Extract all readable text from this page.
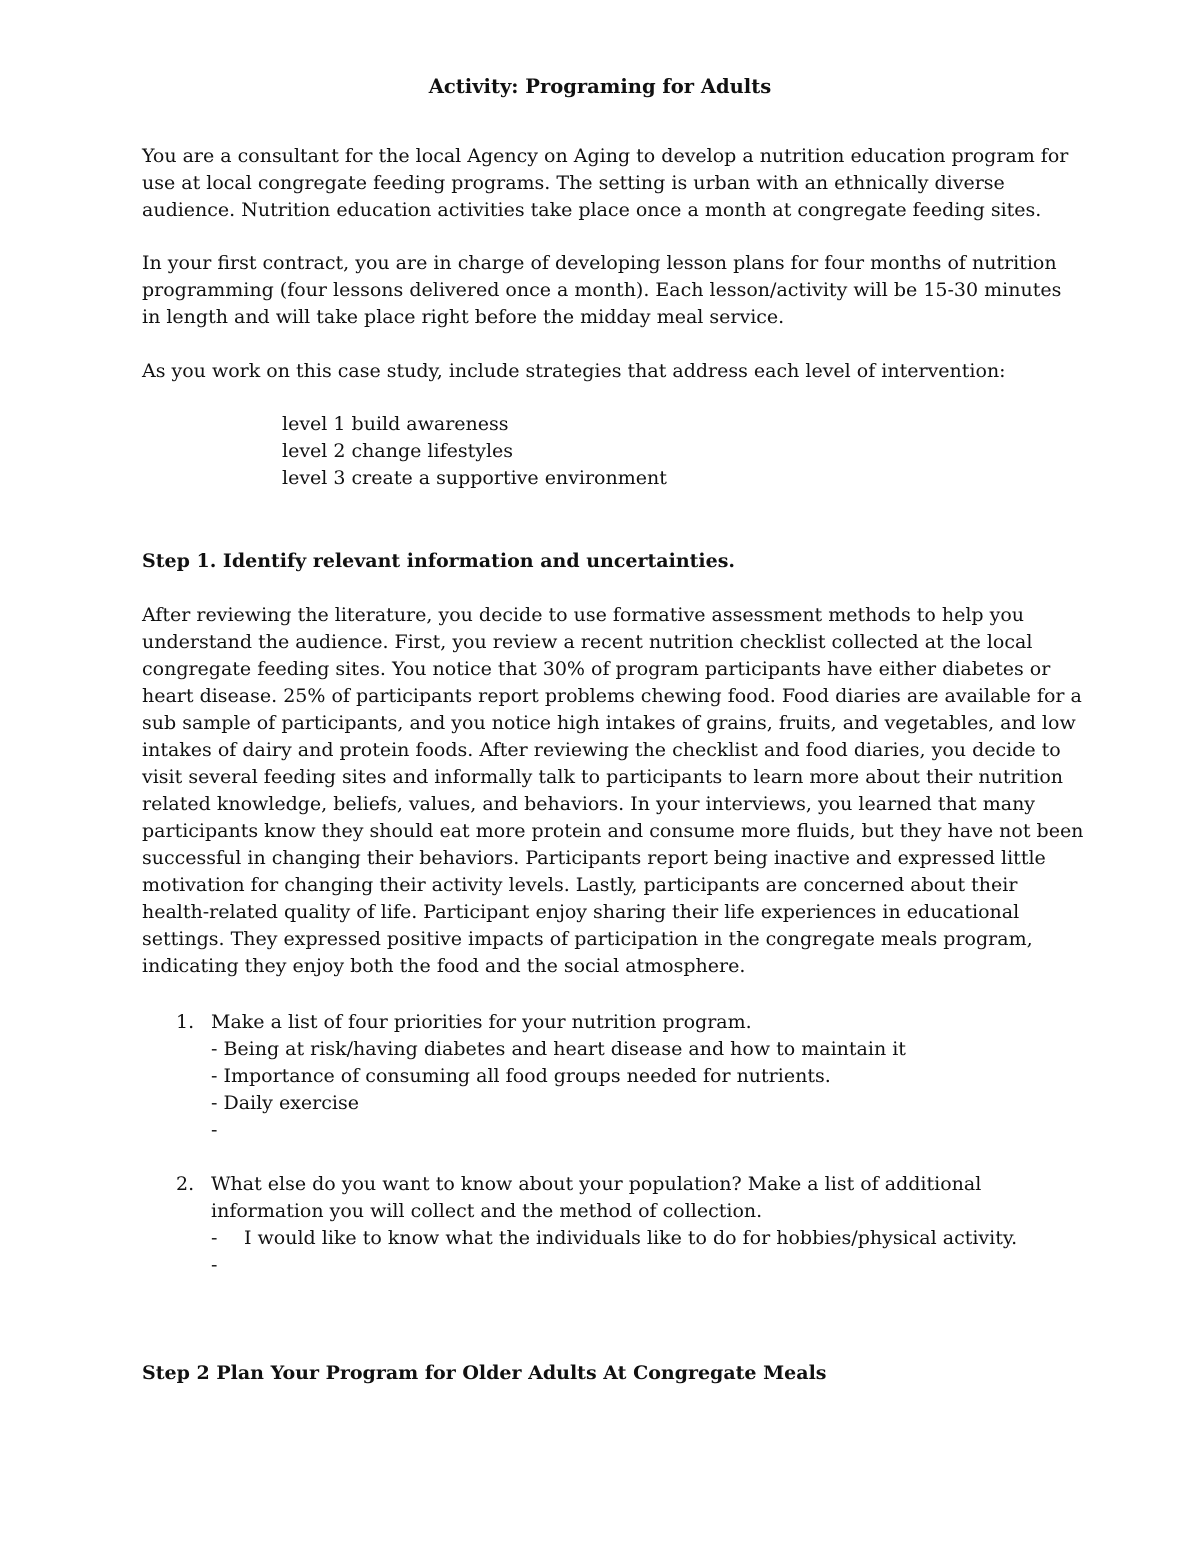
Activity: Programing for Adults

You are a consultant for the local Agency on Aging to develop a nutrition education program for
use at local congregate feeding programs. The setting is urban with an ethnically diverse
audience. Nutrition education activities take place once a month at congregate feeding sites.

In your first contract, you are in charge of developing lesson plans for four months of nutrition
programming (four lessons delivered once a month). Each lesson/activity will be 15-30 minutes
in length and will take place right before the midday meal service.

As you work on this case study, include strategies that address each level of intervention:

level 1 build awareness
level 2 change lifestyles
level 3 create a supportive environment
Step 1. Identify relevant information and uncertainties.

After reviewing the literature, you decide to use formative assessment methods to help you
understand the audience. First, you review a recent nutrition checklist collected at the local
congregate feeding sites. You notice that 30% of program participants have either diabetes or
heart disease. 25% of participants report problems chewing food. Food diaries are available for a
sub sample of participants, and you notice high intakes of grains, fruits, and vegetables, and low
intakes of dairy and protein foods. After reviewing the checklist and food diaries, you decide to
visit several feeding sites and informally talk to participants to learn more about their nutrition
related knowledge, beliefs, values, and behaviors. In your interviews, you learned that many
participants know they should eat more protein and consume more fluids, but they have not been
successful in changing their behaviors. Participants report being inactive and expressed little
motivation for changing their activity levels. Lastly, participants are concerned about their
health-related quality of life. Participant enjoy sharing their life experiences in educational
settings. They expressed positive impacts of participation in the congregate meals program,
indicating they enjoy both the food and the social atmosphere.

1. Make a list of four priorities for your nutrition program.
- Being at risk/having diabetes and heart disease and how to maintain it
- Importance of consuming all food groups needed for nutrients.
- Daily exercise
-
2. What else do you want to know about your population? Make a list of additional
information you will collect and the method of collection.
- I would like to know what the individuals like to do for hobbies/physical activity.
-
Step 2 Plan Your Program for Older Adults At Congregate Meals
